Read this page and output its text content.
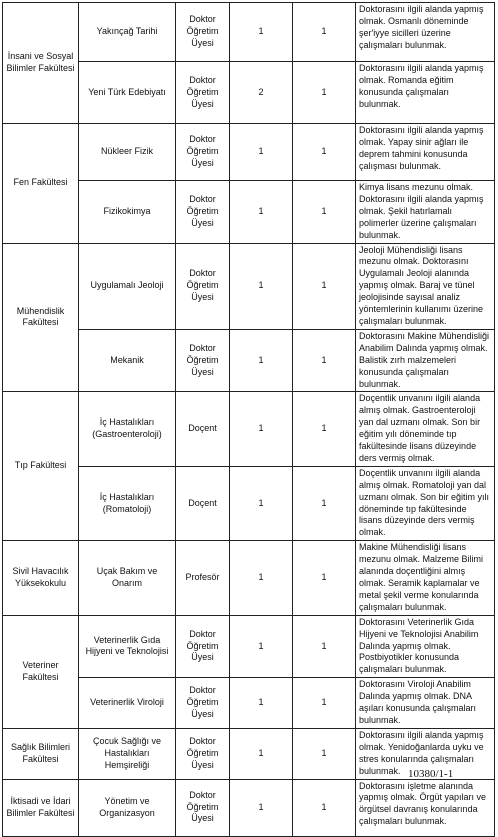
İnsani ve Sosyal Bilimler Fakültesi	Yakınçağ Tarihi	Doktor Öğretim Üyesi	1	1	Doktorasını ilgili alanda yapmış olmak. Osmanlı döneminde şer'iyye sicilleri üzerine çalışmaları bulunmak.
	Yeni Türk Edebiyatı	Doktor Öğretim Üyesi	2	1	Doktorasını ilgili alanda yapmış olmak. Romanda eğitim konusunda çalışmaları bulunmak.
Fen Fakültesi	Nükleer Fizik	Doktor Öğretim Üyesi	1	1	Doktorasını ilgili alanda yapmış olmak. Yapay sinir ağları ile deprem tahmini konusunda çalışması bulunmak.
	Fizikokimya	Doktor Öğretim Üyesi	1	1	Kimya lisans mezunu olmak. Doktorasını ilgili alanda yapmış olmak. Şekil hatırlamalı polimerler üzerine çalışmaları bulunmak.
Mühendislik Fakültesi	Uygulamalı Jeoloji	Doktor Öğretim Üyesi	1	1	Jeoloji Mühendisliği lisans mezunu olmak. Doktorasını Uygulamalı Jeoloji alanında yapmış olmak. Baraj ve tünel jeolojisinde sayısal analiz yöntemlerinin kullanımı üzerine çalışmaları bulunmak.
	Mekanik	Doktor Öğretim Üyesi	1	1	Doktorasını Makine Mühendisliği Anabilim Dalında yapmış olmak. Balistik zırh malzemeleri konusunda çalışmaları bulunmak.
Tıp Fakültesi	İç Hastalıkları (Gastroenteroloji)	Doçent	1	1	Doçentlik unvanını ilgili alanda almış olmak. Gastroenteroloji yan dal uzmanı olmak. Son bir eğitim yılı döneminde tıp fakültesinde lisans düzeyinde ders vermiş olmak.
	İç Hastalıkları (Romatoloji)	Doçent	1	1	Doçentlik unvanını ilgili alanda almış olmak. Romatoloji yan dal uzmanı olmak. Son bir eğitim yılı döneminde tıp fakültesinde lisans düzeyinde ders vermiş olmak.
Sivil Havacılık Yüksekokulu	Uçak Bakım ve Onarım	Profesör	1	1	Makine Mühendisliği lisans mezunu olmak. Malzeme Bilimi alanında doçentliğini almış olmak. Seramik kaplamalar ve metal şekil verme konularında çalışmaları bulunmak.
Veteriner Fakültesi	Veterinerlik Gıda Hijyeni ve Teknolojisi	Doktor Öğretim Üyesi	1	1	Doktorasını Veterinerlik Gıda Hijyeni ve Teknolojisi Anabilim Dalında yapmış olmak. Postbiyotikler konusunda çalışmaları bulunmak.
	Veterinerlik Viroloji	Doktor Öğretim Üyesi	1	1	Doktorasını Viroloji Anabilim Dalında yapmış olmak. DNA aşıları konusunda çalışmaları bulunmak.
Sağlık Bilimleri Fakültesi	Çocuk Sağlığı ve Hastalıkları Hemşireliği	Doktor Öğretim Üyesi	1	1	Doktorasını ilgili alanda yapmış olmak. Yenidoğanlarda uyku ve stres konularında çalışmaları bulunmak.
İktisadi ve İdari Bilimler Fakültesi	Yönetim ve Organizasyon	Doktor Öğretim Üyesi	1	1	Doktorasını işletme alanında yapmış olmak. Örgüt yapıları ve örgütsel davranış konularında çalışmaları bulunmak.
10380/1-1
